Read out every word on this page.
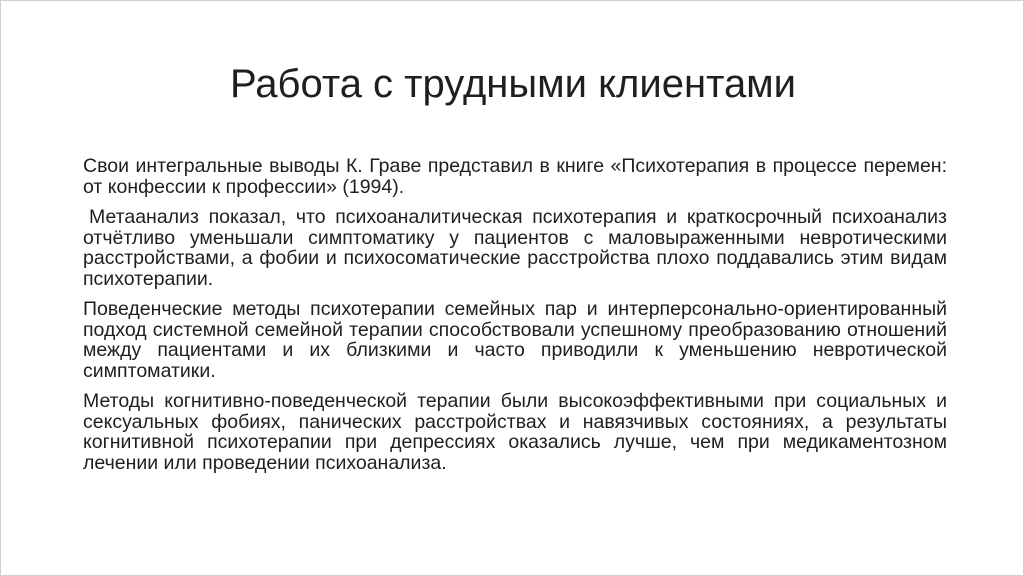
Работа с трудными клиентами

Свои интегральные выводы К. Граве представил в книге «Психотерапия в процессе перемен: от конфессии к профессии» (1994).

Метаанализ показал, что психоаналитическая психотерапия и краткосрочный психоанализ отчётливо уменьшали симптоматику у пациентов с маловыраженными невротическими расстройствами, а фобии и психосоматические расстройства плохо поддавались этим видам психотерапии.

Поведенческие методы психотерапии семейных пар и интерперсонально-ориентированный подход системной семейной терапии способствовали успешному преобразованию отношений между пациентами и их близкими и часто приводили к уменьшению невротической симптоматики.

Методы когнитивно-поведенческой терапии были высокоэффективными при социальных и сексуальных фобиях, панических расстройствах и навязчивых состояниях, а результаты когнитивной психотерапии при депрессиях оказались лучше, чем при медикаментозном лечении или проведении психоанализа.
